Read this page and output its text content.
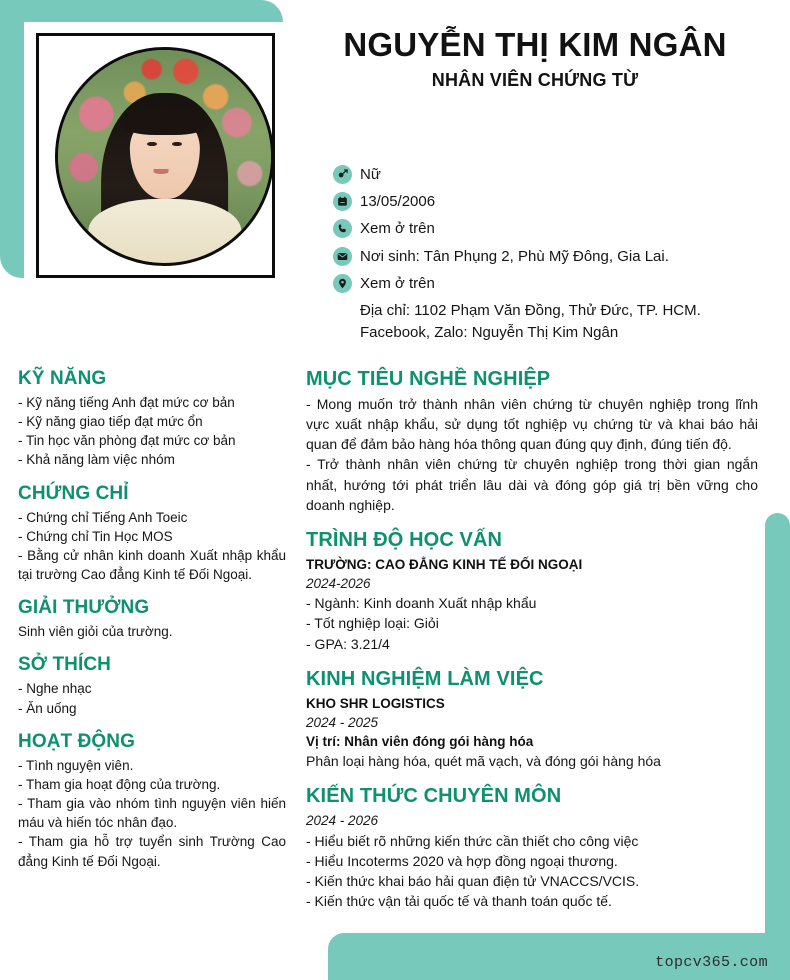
topcv365.com
NGUYỄN THỊ KIM NGÂN
NHÂN VIÊN CHỨNG TỪ
Nữ
13/05/2006
Xem ở trên
Nơi sinh: Tân Phụng 2, Phù Mỹ Đông, Gia Lai.
Xem ở trên
Địa chỉ: 1102 Phạm Văn Đồng, Thử Đức, TP. HCM.
Facebook, Zalo: Nguyễn Thị Kim Ngân
KỸ NĂNG
- Kỹ năng tiếng Anh đạt mức cơ bản
- Kỹ năng giao tiếp đạt mức ổn
- Tin học văn phòng đạt mức cơ bản
- Khả năng làm việc nhóm
CHỨNG CHỈ
- Chứng chỉ Tiếng Anh Toeic
- Chứng chỉ Tin Học MOS
- Bằng cử nhân kinh doanh Xuất nhập khẩu tại trường Cao đẳng Kinh tế Đối Ngoại.
GIẢI THƯỞNG
Sinh viên giỏi của trường.
SỞ THÍCH
- Nghe nhạc
- Ăn uống
HOẠT ĐỘNG
- Tình nguyện viên.
- Tham gia hoạt động của trường.
- Tham gia vào nhóm tình nguyện viên hiến máu và hiến tóc nhân đạo.
- Tham gia hỗ trợ tuyển sinh Trường Cao đẳng Kinh tế Đối Ngoại.
MỤC TIÊU NGHỀ NGHIỆP
- Mong muốn trở thành nhân viên chứng từ chuyên nghiệp trong lĩnh vực xuất nhập khẩu, sử dụng tốt nghiệp vụ chứng từ và khai báo hải quan để đảm bảo hàng hóa thông quan đúng quy định, đúng tiến độ.
- Trở thành nhân viên chứng từ chuyên nghiệp trong thời gian ngắn nhất, hướng tới phát triển lâu dài và đóng góp giá trị bền vững cho doanh nghiệp.
TRÌNH ĐỘ HỌC VẤN
TRƯỜNG: CAO ĐẲNG KINH TẾ ĐỐI NGOẠI
2024-2026
- Ngành: Kinh doanh Xuất nhập khẩu
- Tốt nghiệp loại: Giỏi
- GPA: 3.21/4
KINH NGHIỆM LÀM VIỆC
KHO SHR LOGISTICS
2024 - 2025
Vị trí: Nhân viên đóng gói hàng hóa
Phân loại hàng hóa, quét mã vạch, và đóng gói hàng hóa
KIẾN THỨC CHUYÊN MÔN
2024 - 2026
- Hiểu biết rõ những kiến thức cần thiết cho công việc
- Hiểu Incoterms 2020 và hợp đồng ngoại thương.
- Kiến thức khai báo hải quan điện tử VNACCS/VCIS.
- Kiến thức vận tải quốc tế và thanh toán quốc tế.
